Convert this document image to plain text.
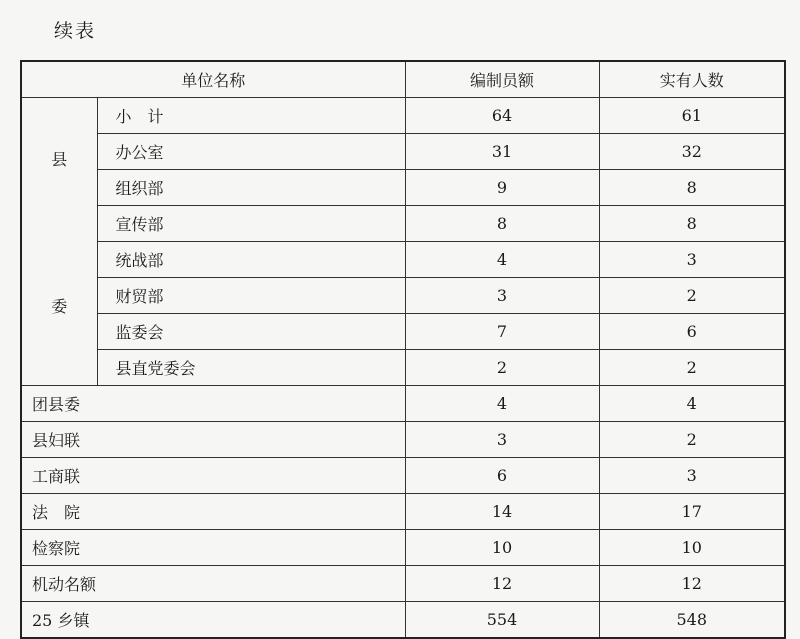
续表
单位名称		编制员额	实有人数

县
委	小　计	64	61
	办公室	31	32
	组织部	9	8
	宣传部	8	8
	统战部	4	3
	财贸部	3	2
	监委会	7	6
	县直党委会	2	2
团县委		4	4
县妇联		3	2
工商联		6	3
法　院		14	17
检察院		10	10
机动名额		12	12
25 乡镇		554	548
